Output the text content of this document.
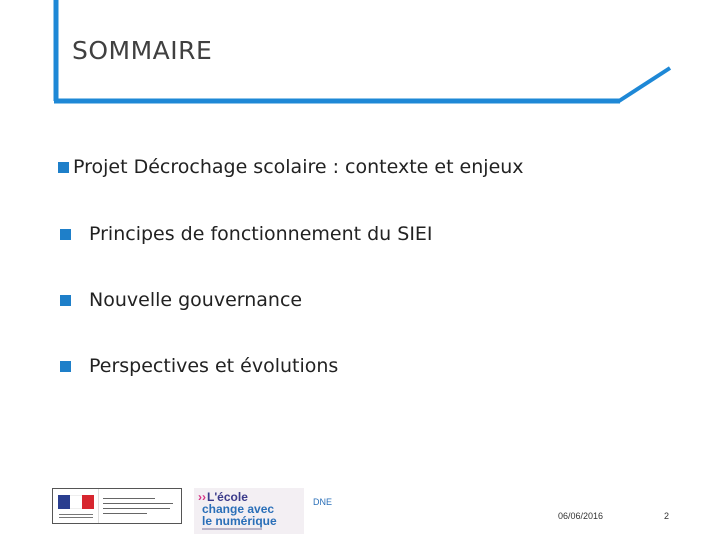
SOMMAIRE
Projet Décrochage scolaire : contexte et enjeux
Principes de fonctionnement du SIEI
Nouvelle gouvernance
Perspectives et évolutions
››L'école
change avec
le numérique
DNE
06/06/2016	2
